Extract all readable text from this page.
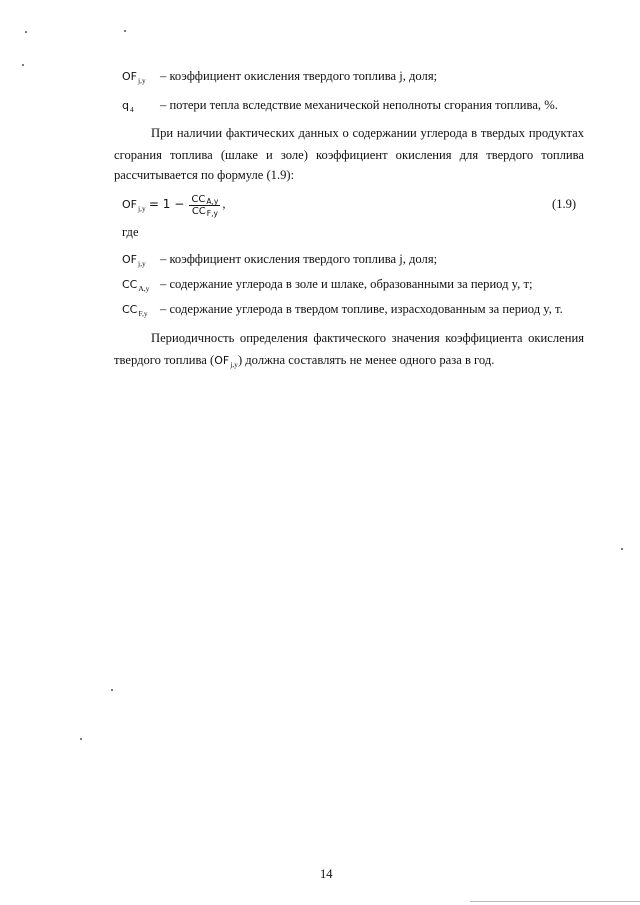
$OF_{j,y}$ – коэффициент окисления твердого топлива j, доля;
$q_4$ – потери тепла вследствие механической неполноты сгорания топлива, %.
При наличии фактических данных о содержании углерода в твердых продуктах
сгорания топлива (шлаке и золе) коэффициент окисления для твердого топлива
рассчитывается по формуле (1.9):
$OF_{j,y} = 1 - \frac{CC_{A,y}}{CC_{F,y}}$ ,	(1.9)
где
$OF_{j,y}$ – коэффициент окисления твердого топлива j, доля;
$CC_{A,y}$ – содержание углерода в золе и шлаке, образованными за период y, т;
$CC_{F,y}$ – содержание углерода в твердом топливе, израсходованным за период y, т.
Периодичность определения фактического значения коэффициента окисления
твердого топлива $(OF_{j,y})$ должна составлять не менее одного раза в год.
14
